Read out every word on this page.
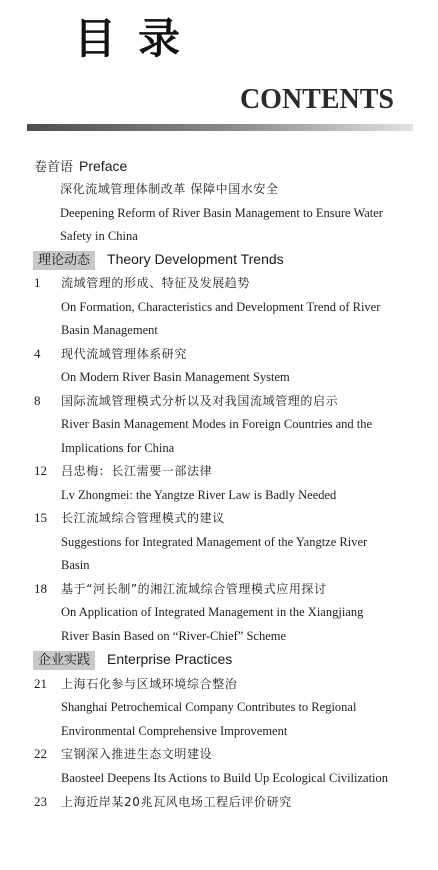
目录
CONTENTS
卷首语 Preface
深化流域管理体制改革 保障中国水安全
Deepening Reform of River Basin Management to Ensure Water
Safety in China
理论动态 Theory Development Trends
1 流域管理的形成、特征及发展趋势
On Formation, Characteristics and Development Trend of River
Basin Management
4 现代流域管理体系研究
On Modern River Basin Management System
8 国际流域管理模式分析以及对我国流域管理的启示
River Basin Management Modes in Foreign Countries and the
Implications for China
12 吕忠梅：长江需要一部法律
Lv Zhongmei: the Yangtze River Law is Badly Needed
15 长江流域综合管理模式的建议
Suggestions for Integrated Management of the Yangtze River
Basin
18 基于“河长制”的湘江流域综合管理模式应用探讨
On Application of Integrated Management in the Xiangjiang
River Basin Based on “River-Chief” Scheme
企业实践 Enterprise Practices
21 上海石化参与区域环境综合整治
Shanghai Petrochemical Company Contributes to Regional
Environmental Comprehensive Improvement
22 宝钢深入推进生态文明建设
Baosteel Deepens Its Actions to Build Up Ecological Civilization
23 上海近岸某20兆瓦风电场工程后评价研究
